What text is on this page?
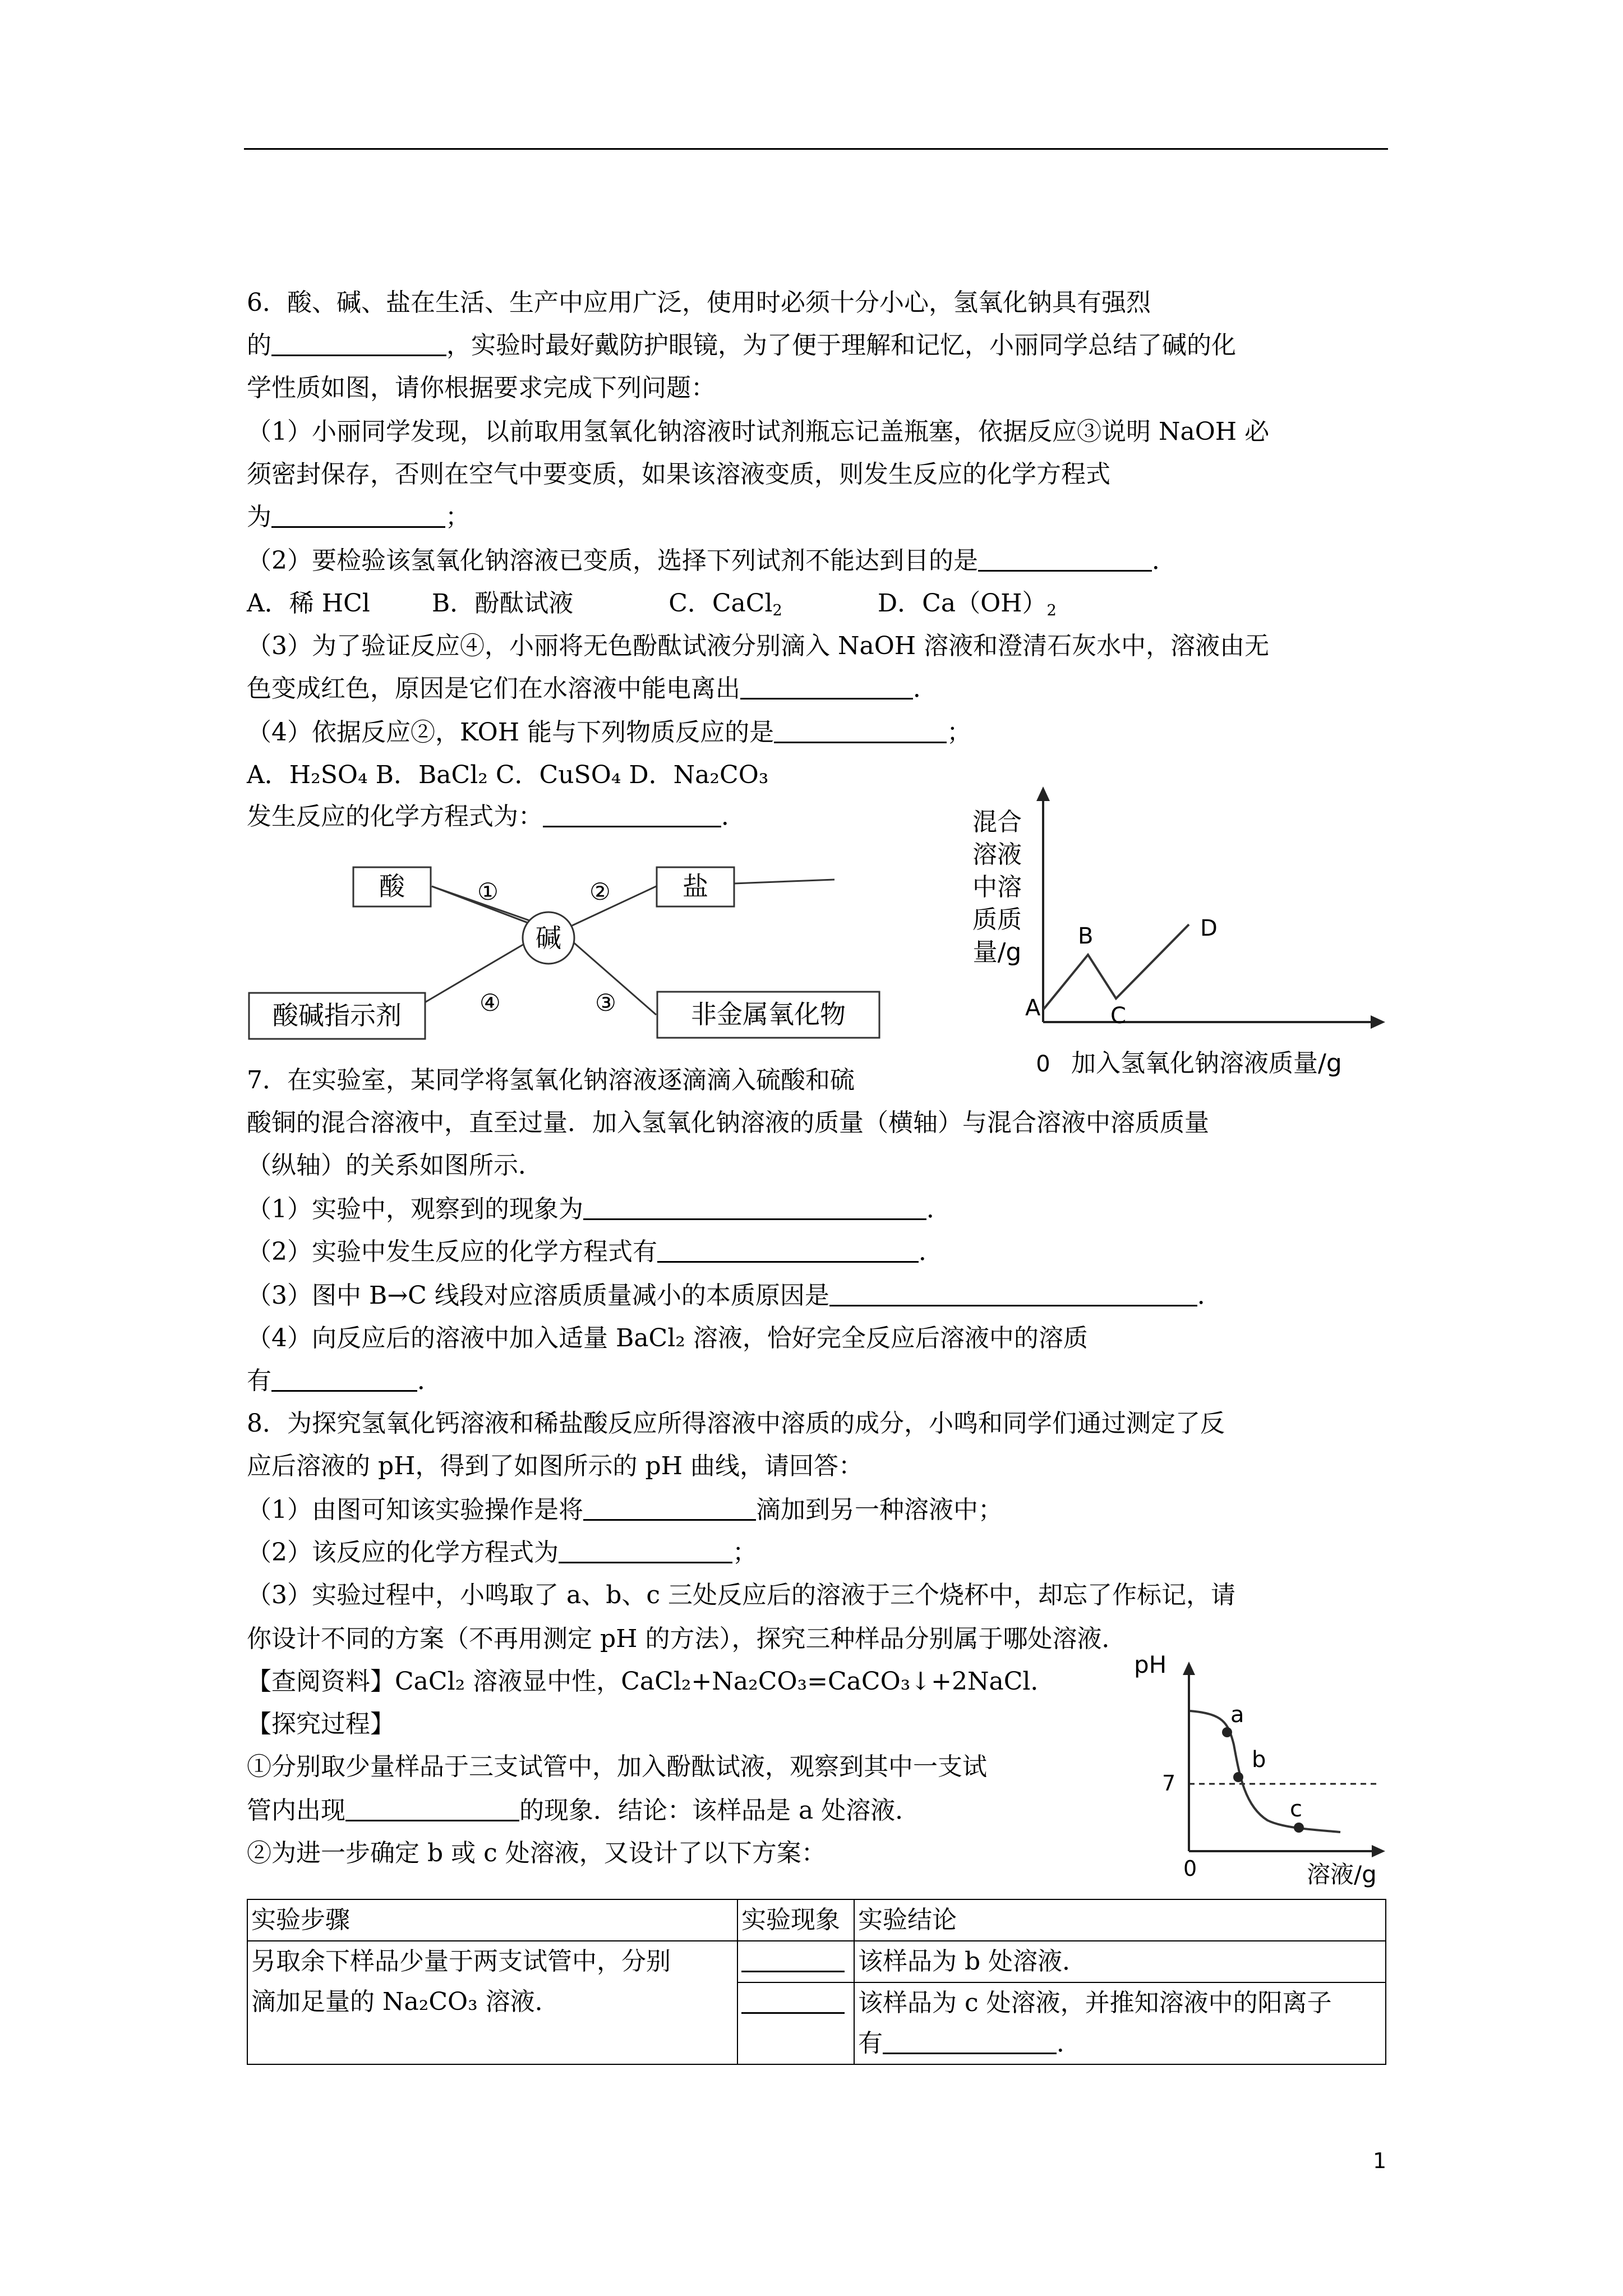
6．酸、碱、盐在生活、生产中应用广泛，使用时必须十分小心，氢氧化钠具有强烈
的	，实验时最好戴防护眼镜，为了便于理解和记忆，小丽同学总结了碱的化
学性质如图，请你根据要求完成下列问题：
（1）小丽同学发现，以前取用氢氧化钠溶液时试剂瓶忘记盖瓶塞，依据反应③说明 NaOH 必
须密封保存，否则在空气中要变质，如果该溶液变质，则发生反应的化学方程式
为	；
（2）要检验该氢氧化钠溶液已变质，选择下列试剂不能达到目的是	．
A．稀 HCl	B．酚酞试液	C．CaCl$_2$	D．$Ca(OH)_2$
（3）为了验证反应④，小丽将无色酚酞试液分别滴入 NaOH 溶液和澄清石灰水中，溶液由无
色变成红色，原因是它们在水溶液中能电离出	．
（4）依据反应②，KOH 能与下列物质反应的是	；
A．H₂SO₄ B．BaCl₂ C．CuSO₄ D．Na₂CO₃
发生反应的化学方程式为：	．
酸	盐
碱
酸碱指示剂	非金属氧化物
①	②
③
④
混合
溶液
中溶
质质
量/g
A
B
C
D
0 加入氢氧化钠溶液质量/g
7．在实验室，某同学将氢氧化钠溶液逐滴滴入硫酸和硫
酸铜的混合溶液中，直至过量．加入氢氧化钠溶液的质量（横轴）与混合溶液中溶质质量
（纵轴）的关系如图所示．
（1）实验中，观察到的现象为	．
（2）实验中发生反应的化学方程式有	．
（3）图中 B→C 线段对应溶质质量减小的本质原因是	．
（4）向反应后的溶液中加入适量 BaCl₂ 溶液，恰好完全反应后溶液中的溶质
有	．
8．为探究氢氧化钙溶液和稀盐酸反应所得溶液中溶质的成分，小鸣和同学们通过测定了反
应后溶液的 pH，得到了如图所示的 pH 曲线，请回答：
（1）由图可知该实验操作是将	滴加到另一种溶液中；
（2）该反应的化学方程式为	；
（3）实验过程中，小鸣取了 a、b、c 三处反应后的溶液于三个烧杯中，却忘了作标记，请
你设计不同的方案（不再用测定 pH 的方法），探究三种样品分别属于哪处溶液．
【查阅资料】CaCl₂ 溶液显中性，CaCl₂+Na₂CO₃=CaCO₃↓+2NaCl．
【探究过程】
①分别取少量样品于三支试管中，加入酚酞试液，观察到其中一支试
管内出现	的现象．结论：该样品是 a 处溶液．
②为进一步确定 b 或 c 处溶液，又设计了以下方案：
pH
a
b
c
7
0	溶液/g
实验步骤	实验现象	实验结论

另取余下样品少量于两支试管中，分别
滴加足量的 Na₂CO₃ 溶液．		该样品为 b 处溶液．

		该样品为 c 处溶液，并推知溶液中的阳离子
有 ．
1
